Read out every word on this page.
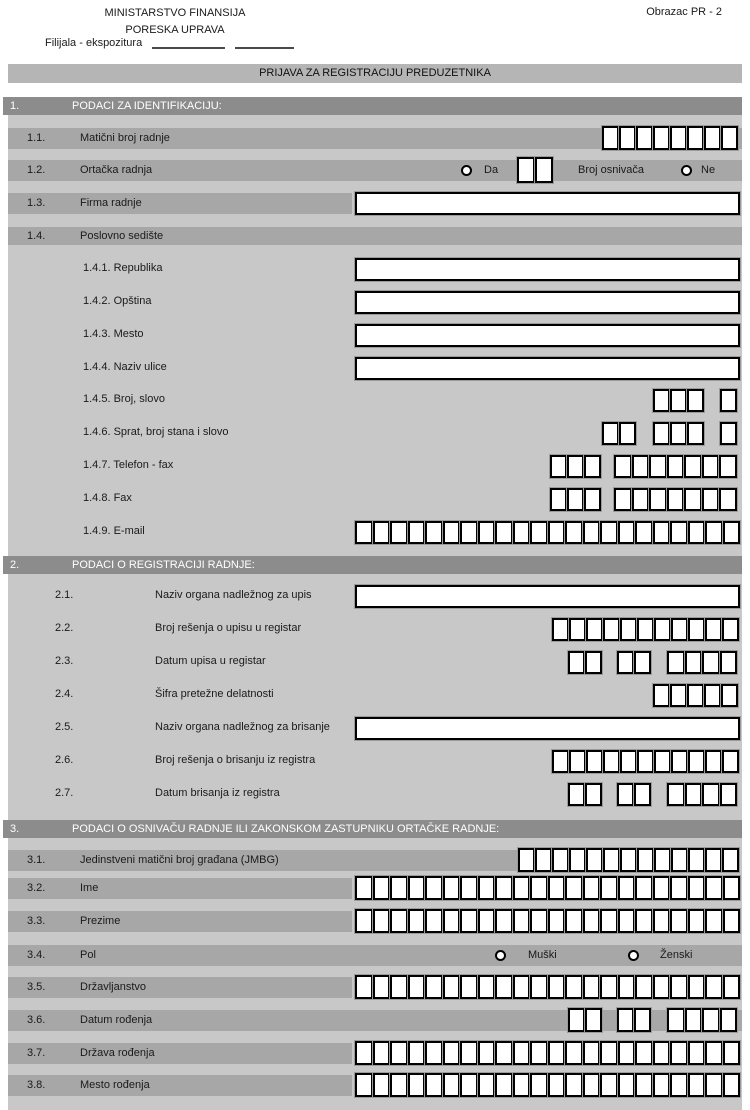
MINISTARSTVO FINANSIJA
PORESKA UPRAVA
Obrazac PR - 2
Filijala - ekspozitura
PRIJAVA ZA REGISTRACIJU PREDUZETNIKA
1.	PODACI ZA IDENTIFIKACIJU:
1.1.	Matični broj radnje
1.2.	Ortačka radnja	Da	Broj osnivača	Ne
1.3.	Firma radnje
1.4.	Poslovno sedište
1.4.1. Republika
1.4.2. Opština
1.4.3. Mesto
1.4.4. Naziv ulice
1.4.5. Broj, slovo
1.4.6. Sprat, broj stana i slovo
1.4.7. Telefon - fax
1.4.8. Fax
1.4.9. E-mail
2.	PODACI O REGISTRACIJI RADNJE:
2.1.	Naziv organa nadležnog za upis
2.2.	Broj rešenja o upisu u registar
2.3.	Datum upisa u registar
2.4.	Šifra pretežne delatnosti
2.5.	Naziv organa nadležnog za brisanje
2.6.	Broj rešenja o brisanju iz registra
2.7.	Datum brisanja iz registra
3.	PODACI O OSNIVAČU RADNJE ILI ZAKONSKOM ZASTUPNIKU ORTAČKE RADNJE:
3.1.	Jedinstveni matični broj građana (JMBG)
3.2.	Ime
3.3.	Prezime
3.4.	Pol	Muški	Ženski
3.5.	Državljanstvo
3.6.	Datum rođenja
3.7.	Država rođenja
3.8.	Mesto rođenja
